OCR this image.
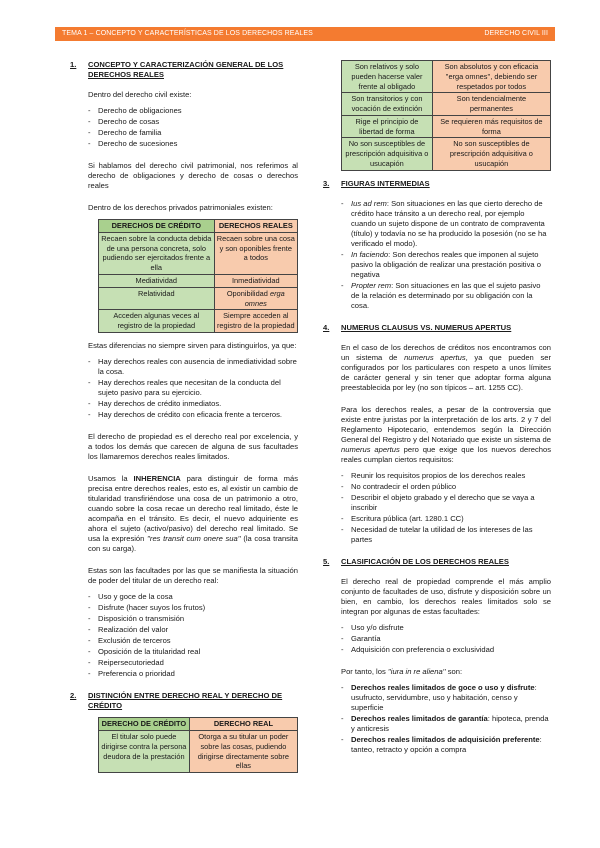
TEMA 1 – CONCEPTO Y CARACTERÍSTICAS DE LOS DERECHOS REALES	DERECHO CIVIL III
1.	CONCEPTO Y CARACTERIZACIÓN GENERAL DE LOS DERECHOS REALES

Dentro del derecho civil existe:

- Derecho de obligaciones
- Derecho de cosas
- Derecho de familia
- Derecho de sucesiones

Si hablamos del derecho civil patrimonial, nos referimos al derecho de obligaciones y derecho de cosas o derechos reales

Dentro de los derechos privados patrimoniales existen:

DERECHOS DE CRÉDITO	DERECHOS REALES
Recaen sobre la conducta debida de una persona concreta, solo pudiendo ser ejercitados frente a ella	Recaen sobre una cosa y son oponibles frente a todos
Mediatividad	Inmediatividad
Relatividad	Oponibilidad erga omnes
Acceden algunas veces al registro de la propiedad	Siempre acceden al registro de la propiedad

Estas diferencias no siempre sirven para distinguirlos, ya que:

- Hay derechos reales con ausencia de inmediatividad sobre la cosa.
- Hay derechos reales que necesitan de la conducta del sujeto pasivo para su ejercicio.
- Hay derechos de crédito inmediatos.
- Hay derechos de crédito con eficacia frente a terceros.

El derecho de propiedad es el derecho real por excelencia, y a todos los demás que carecen de alguna de sus facultades los llamaremos derechos reales limitados.

Usamos la INHERENCIA para distinguir de forma más precisa entre derechos reales, esto es, al existir un cambio de titularidad transfiriéndose una cosa de un patrimonio a otro, cuando sobre la cosa recae un derecho real limitado, éste le acompaña en el tránsito. Es decir, el nuevo adquiriente es ahora el sujeto (activo/pasivo) del derecho real limitado. Se usa la expresión ''res transit cum onere sua'' (la cosa transita con su carga).

Estas son las facultades por las que se manifiesta la situación de poder del titular de un derecho real:

- Uso y goce de la cosa
- Disfrute (hacer suyos los frutos)
- Disposición o transmisión
- Realización del valor
- Exclusión de terceros
- Oposición de la titularidad real
- Reipersecutoriedad
- Preferencia o prioridad
2.	DISTINCIÓN ENTRE DERECHO REAL Y DERECHO DE CRÉDITO
DERECHO DE CRÉDITO	DERECHO REAL
El titular solo puede dirigirse contra la persona deudora de la prestación	Otorga a su titular un poder sobre las cosas, pudiendo dirigirse directamente sobre ellas
Son relativos y solo pueden hacerse valer frente al obligado	Son absolutos y con eficacia ''erga omnes'', debiendo ser respetados por todos
Son transitorios y con vocación de extinción	Son tendencialmente permanentes
Rige el principio de libertad de forma	Se requieren más requisitos de forma
No son susceptibles de prescripción adquisitiva o usucapión	No son susceptibles de prescripción adquisitiva o usucapión
3.	FIGURAS INTERMEDIAS
- Ius ad rem: Son situaciones en las que cierto derecho de crédito hace tránsito a un derecho real, por ejemplo cuando un sujeto dispone de un contrato de compraventa (título) y todavía no se ha producido la posesión (no se ha verificado el modo).
- In faciendo: Son derechos reales que imponen al sujeto pasivo la obligación de realizar una prestación positiva o negativa
- Propter rem: Son situaciones en las que el sujeto pasivo de la relación es determinado por su obligación con la cosa.
4.	NUMERUS CLAUSUS VS. NUMERUS APERTUS

En el caso de los derechos de créditos nos encontramos con un sistema de numerus apertus, ya que pueden ser configurados por los particulares con respeto a unos límites de carácter general y sin tener que adoptar forma alguna preestablecida por ley (no son típicos – art. 1255 CC).

Para los derechos reales, a pesar de la controversia que existe entre juristas por la interpretación de los arts. 2 y 7 del Reglamento Hipotecario, entendemos según la Dirección General del Registro y del Notariado que existe un sistema de numerus apertus pero que exige que los nuevos derechos reales cumplan ciertos requisitos:

- Reunir los requisitos propios de los derechos reales
- No contradecir el orden público
- Describir el objeto grabado y el derecho que se vaya a inscribir
- Escritura pública (art. 1280.1 CC)
- Necesidad de tutelar la utilidad de los intereses de las partes
5.	CLASIFICACIÓN DE LOS DERECHOS REALES

El derecho real de propiedad comprende el más amplio conjunto de facultades de uso, disfrute y disposición sobre un bien, en cambio, los derechos reales limitados solo se integran por algunas de estas facultades:

- Uso y/o disfrute
- Garantía
- Adquisición con preferencia o exclusividad

Por tanto, los ''iura in re aliena'' son:

- Derechos reales limitados de goce o uso y disfrute: usufructo, servidumbre, uso y habitación, censo y superficie
- Derechos reales limitados de garantía: hipoteca, prenda y anticresis
- Derechos reales limitados de adquisición preferente: tanteo, retracto y opción a compra
